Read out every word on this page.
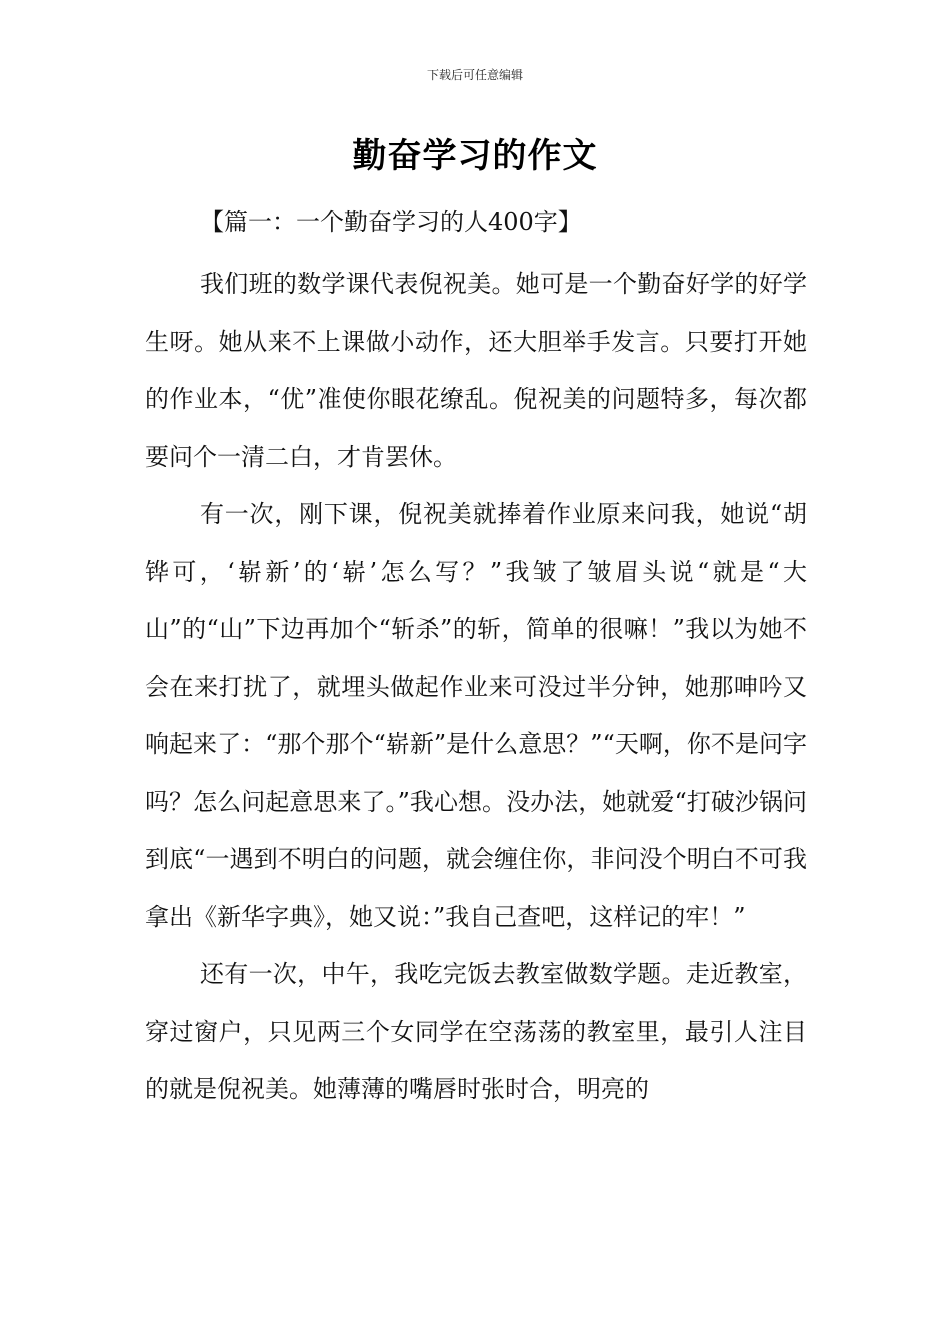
下载后可任意编辑
勤奋学习的作文
【篇一：一个勤奋学习的人400字】

我们班的数学课代表倪祝美。她可是一个勤奋好学的好学生呀。她从来不上课做小动作，还大胆举手发言。只要打开她的作业本，“优”准使你眼花缭乱。倪祝美的问题特多，每次都要问个一清二白，才肯罢休。

有一次，刚下课，倪祝美就捧着作业原来问我，她说“胡铧可，‘崭新’的‘崭’怎么写？”我皱了皱眉头说“就是“大山”的“山”下边再加个“斩杀”的斩，简单的很嘛！”我以为她不会在来打扰了，就埋头做起作业来可没过半分钟，她那呻吟又响起来了：“那个那个“崭新”是什么意思？”“天啊，你不是问字吗？怎么问起意思来了。”我心想。没办法，她就爱“打破沙锅问到底“一遇到不明白的问题，就会缠住你，非问没个明白不可我拿出《新华字典》，她又说：”我自己查吧，这样记的牢！”

还有一次，中午，我吃完饭去教室做数学题。走近教室，穿过窗户，只见两三个女同学在空荡荡的教室里，最引人注目的就是倪祝美。她薄薄的嘴唇时张时合，明亮的
